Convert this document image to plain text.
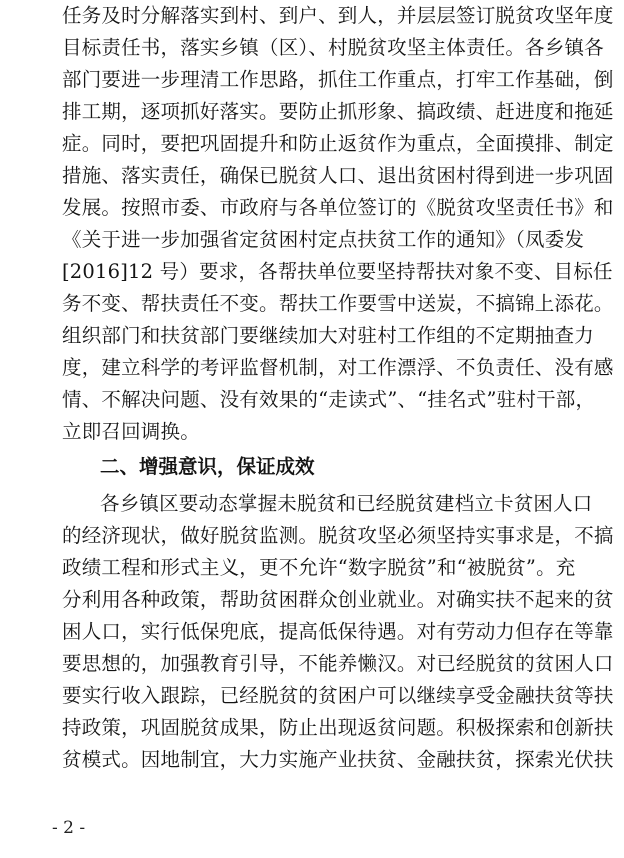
任务及时分解落实到村、到户、到人，并层层签订脱贫攻坚年度
目标责任书，落实乡镇（区）、村脱贫攻坚主体责任。各乡镇各
部门要进一步理清工作思路，抓住工作重点，打牢工作基础，倒
排工期，逐项抓好落实。要防止抓形象、搞政绩、赶进度和拖延
症。同时，要把巩固提升和防止返贫作为重点，全面摸排、制定
措施、落实责任，确保已脱贫人口、退出贫困村得到进一步巩固
发展。按照市委、市政府与各单位签订的《脱贫攻坚责任书》和
《关于进一步加强省定贫困村定点扶贫工作的通知》（凤委发
[2016]12 号）要求，各帮扶单位要坚持帮扶对象不变、目标任
务不变、帮扶责任不变。帮扶工作要雪中送炭，不搞锦上添花。
组织部门和扶贫部门要继续加大对驻村工作组的不定期抽查力
度，建立科学的考评监督机制，对工作漂浮、不负责任、没有感
情、不解决问题、没有效果的“走读式”、“挂名式”驻村干部，
立即召回调换。
二、增强意识，保证成效
各乡镇区要动态掌握未脱贫和已经脱贫建档立卡贫困人口
的经济现状，做好脱贫监测。脱贫攻坚必须坚持实事求是，不搞
政绩工程和形式主义，更不允许“数字脱贫”和“被脱贫”。充
分利用各种政策，帮助贫困群众创业就业。对确实扶不起来的贫
困人口，实行低保兜底，提高低保待遇。对有劳动力但存在等靠
要思想的，加强教育引导，不能养懒汉。对已经脱贫的贫困人口
要实行收入跟踪，已经脱贫的贫困户可以继续享受金融扶贫等扶
持政策，巩固脱贫成果，防止出现返贫问题。积极探索和创新扶
贫模式。因地制宜，大力实施产业扶贫、金融扶贫，探索光伏扶
- 2 -
